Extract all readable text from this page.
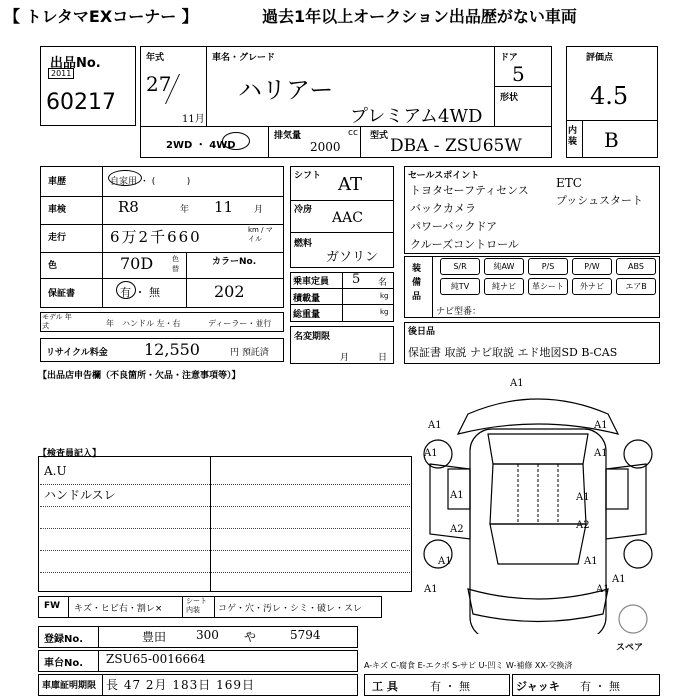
【 トレタマEXコーナー 】	過去1年以上オークション出品歴がない車両
出品No.
2011
60217
年式
27
11月
車名・グレード
ハリアー
プレミアム4WD
ドア
5
形状
2WD ・ 4WD
排気量	cc
2000
型式 DBA - ZSU65W
評価点
4.5
内装 B
車歴	自家用 ・ (           )
車検	R8	年 11 月
走行	6万2千660	km / マイル
色	70D	色替
カラーNo.
保証書	有 ・ 無	202
モデル 年 式	年 ハンドル 左・右	ディーラー・並行
リサイクル料金 12,550	円 預託済
シフト AT
冷房 AAC
燃料
ガソリン
乗車定員 5 名
積載量	kg
総重量	kg
名変期限
月	日
セールスポイント
トヨタセーフティセンス
バックカメラ
パワーバックドア
クルーズコントロール
ETC
プッシュスタート
装備品
S/R	純AW	P/S	P/W	ABS
純TV	純ナビ	革シート	外ナビ	エアB
ナビ型番：
後日品
保証書 取説 ナビ取説 エド地図SD B-CAS
【出品店申告欄（不良箇所・欠品・注意事項等）】
【検査員記入】
A.U
ハンドルスレ
A1
A1
A1
A1
A1
A1
A2	A2
A1
A1	A1
A1	A1
A1
スペア
A-キズ C-腐食 E-エクボ S-サビ U-凹ミ W-補修 XX-交換済
FW キズ・ヒビ右・割レ×
シート内装	コゲ・穴・汚レ・シミ・破レ・スレ
登録No.	豊田 300 や	5794
車台No. ZSU65-0016664
車庫証明期限 長 47 2月 183日 169日	工 具	有 ・ 無	ジャッキ 有 ・ 無
